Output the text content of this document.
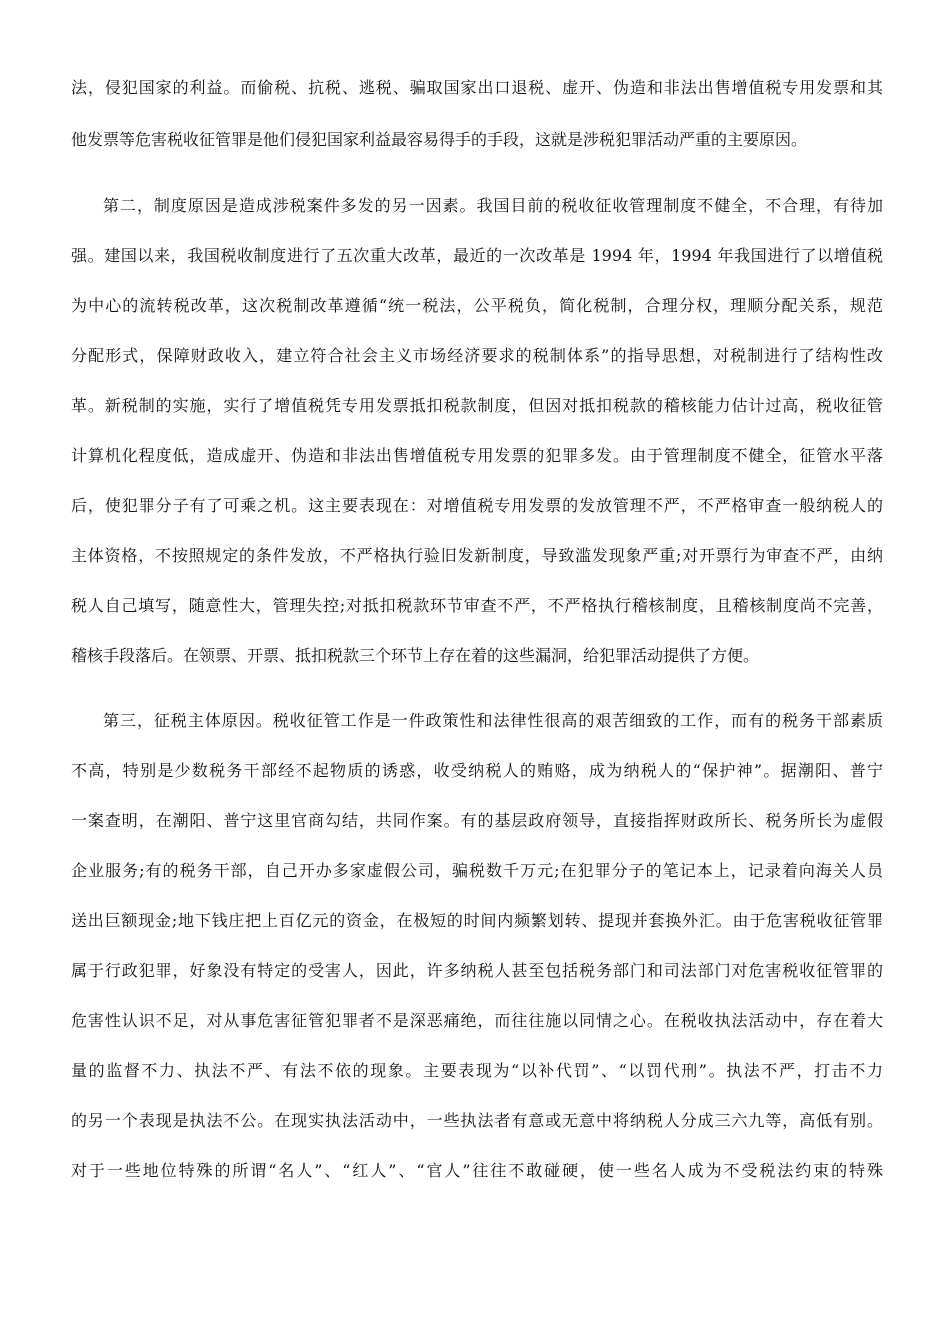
法，侵犯国家的利益。而偷税、抗税、逃税、骗取国家出口退税、虚开、伪造和非法出售增值税专用发票和其
他发票等危害税收征管罪是他们侵犯国家利益最容易得手的手段，这就是涉税犯罪活动严重的主要原因。
第二，制度原因是造成涉税案件多发的另一因素。我国目前的税收征收管理制度不健全，不合理，有待加
强。建国以来，我国税收制度进行了五次重大改革，最近的一次改革是 1994 年，1994 年我国进行了以增值税
为中心的流转税改革，这次税制改革遵循“统一税法，公平税负，简化税制，合理分权，理顺分配关系，规范
分配形式，保障财政收入，建立符合社会主义市场经济要求的税制体系”的指导思想，对税制进行了结构性改
革。新税制的实施，实行了增值税凭专用发票抵扣税款制度，但因对抵扣税款的稽核能力估计过高，税收征管
计算机化程度低，造成虚开、伪造和非法出售增值税专用发票的犯罪多发。由于管理制度不健全，征管水平落
后，使犯罪分子有了可乘之机。这主要表现在：对增值税专用发票的发放管理不严，不严格审查一般纳税人的
主体资格，不按照规定的条件发放，不严格执行验旧发新制度，导致滥发现象严重;对开票行为审查不严，由纳
税人自己填写，随意性大，管理失控;对抵扣税款环节审查不严，不严格执行稽核制度，且稽核制度尚不完善，
稽核手段落后。在领票、开票、抵扣税款三个环节上存在着的这些漏洞，给犯罪活动提供了方便。
第三，征税主体原因。税收征管工作是一件政策性和法律性很高的艰苦细致的工作，而有的税务干部素质
不高，特别是少数税务干部经不起物质的诱惑，收受纳税人的贿赂，成为纳税人的“保护神”。据潮阳、普宁
一案查明，在潮阳、普宁这里官商勾结，共同作案。有的基层政府领导，直接指挥财政所长、税务所长为虚假
企业服务;有的税务干部，自己开办多家虚假公司，骗税数千万元;在犯罪分子的笔记本上，记录着向海关人员
送出巨额现金;地下钱庄把上百亿元的资金，在极短的时间内频繁划转、提现并套换外汇。由于危害税收征管罪
属于行政犯罪，好象没有特定的受害人，因此，许多纳税人甚至包括税务部门和司法部门对危害税收征管罪的
危害性认识不足，对从事危害征管犯罪者不是深恶痛绝，而往往施以同情之心。在税收执法活动中，存在着大
量的监督不力、执法不严、有法不依的现象。主要表现为“以补代罚”、“以罚代刑”。执法不严，打击不力
的另一个表现是执法不公。在现实执法活动中，一些执法者有意或无意中将纳税人分成三六九等，高低有别。
对于一些地位特殊的所谓“名人”、“红人”、“官人”往往不敢碰硬，使一些名人成为不受税法约束的特殊
